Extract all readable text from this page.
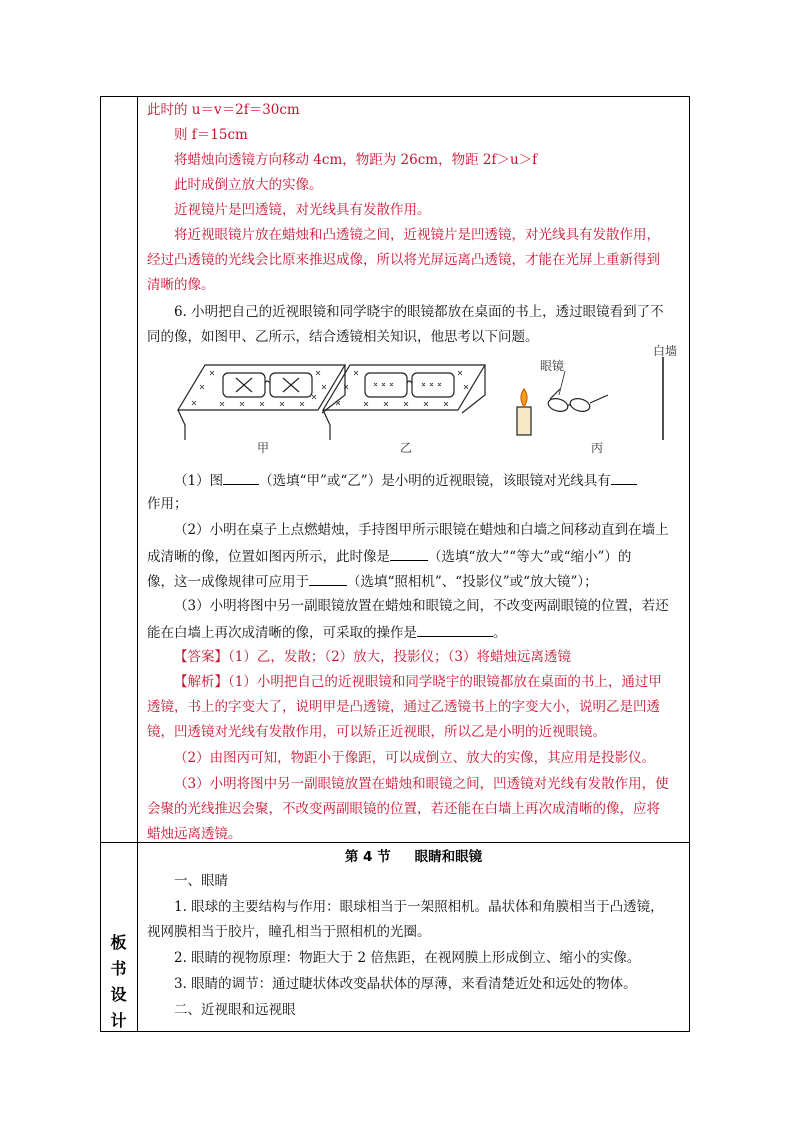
此时的 u＝v＝2f＝30cm
则 f＝15cm
将蜡烛向透镜方向移动 4cm，物距为 26cm，物距 2f＞u＞f
此时成倒立放大的实像。
近视镜片是凹透镜，对光线具有发散作用。
将近视眼镜片放在蜡烛和凸透镜之间，近视镜片是凹透镜，对光线具有发散作用，
经过凸透镜的光线会比原来推迟成像，所以将光屏远离凸透镜，才能在光屏上重新得到
清晰的像。
6. 小明把自己的近视眼镜和同学晓宇的眼镜都放在桌面的书上，透过眼镜看到了不
同的像，如图甲、乙所示，结合透镜相关知识，他思考以下问题。
甲	乙
眼镜
白墙
丙
（1）图	（选填“甲”或“乙”）是小明的近视眼镜，该眼镜对光线具有
作用；
（2）小明在桌子上点燃蜡烛，手持图甲所示眼镜在蜡烛和白墙之间移动直到在墙上
成清晰的像，位置如图丙所示，此时像是	（选填“放大”“等大”或“缩小”）的
像，这一成像规律可应用于	（选填“照相机”、“投影仪”或“放大镜”）；
（3）小明将图中另一副眼镜放置在蜡烛和眼镜之间，不改变两副眼镜的位置，若还
能在白墙上再次成清晰的像，可采取的操作是	。
【答案】（1）乙，发散；（2）放大，投影仪；（3）将蜡烛远离透镜
【解析】（1）小明把自己的近视眼镜和同学晓宇的眼镜都放在桌面的书上，通过甲
透镜，书上的字变大了，说明甲是凸透镜，通过乙透镜书上的字变大小，说明乙是凹透
镜，凹透镜对光线有发散作用，可以矫正近视眼，所以乙是小明的近视眼镜。
（2）由图丙可知，物距小于像距，可以成倒立、放大的实像，其应用是投影仪。
（3）小明将图中另一副眼镜放置在蜡烛和眼镜之间，凹透镜对光线有发散作用，使
会聚的光线推迟会聚，不改变两副眼镜的位置，若还能在白墙上再次成清晰的像，应将
蜡烛远离透镜。
板
书
设
计
第 4 节 眼睛和眼镜
一、眼睛
1. 眼球的主要结构与作用：眼球相当于一架照相机。晶状体和角膜相当于凸透镜，
视网膜相当于胶片，瞳孔相当于照相机的光圈。
2. 眼睛的视物原理：物距大于 2 倍焦距，在视网膜上形成倒立、缩小的实像。
3. 眼睛的调节：通过睫状体改变晶状体的厚薄，来看清楚近处和远处的物体。
二、近视眼和远视眼
